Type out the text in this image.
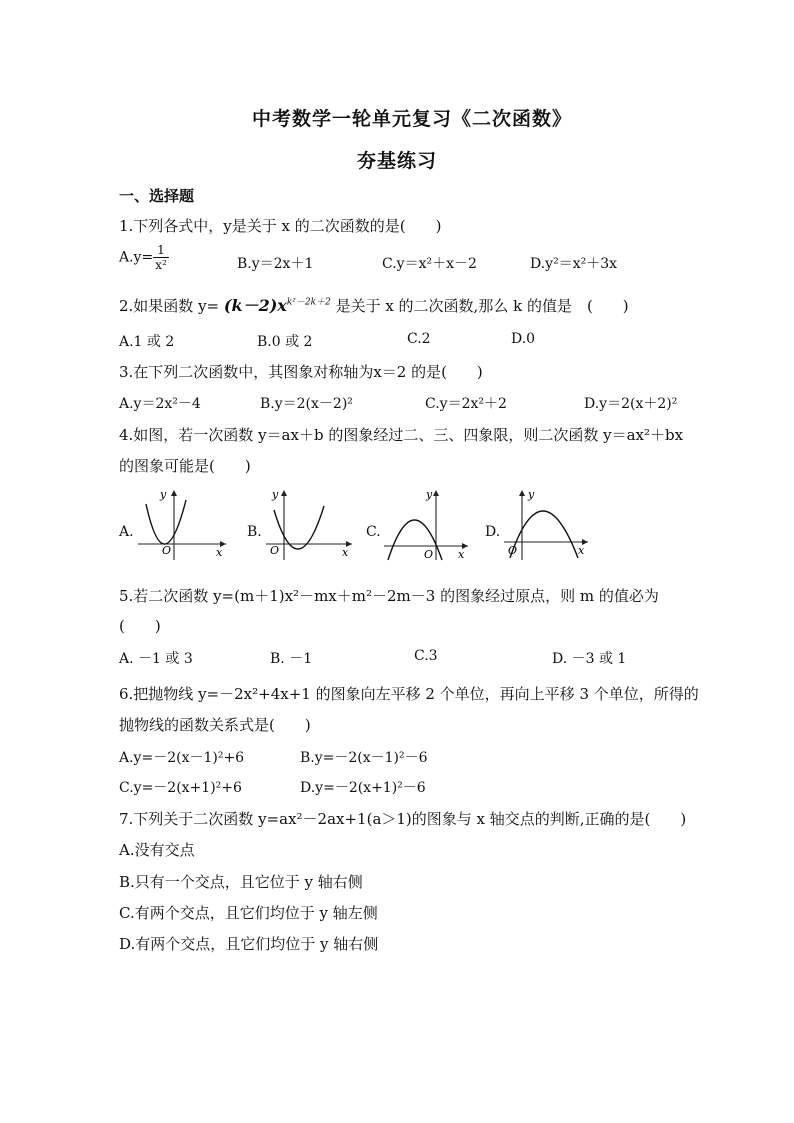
中考数学一轮单元复习《二次函数》
夯基练习
一、选择题
1.下列各式中，y是关于 x 的二次函数的是(　　)
$A.y= \frac{1}{\text{x²}}$	B.y＝2x＋1	C.y＝x²＋x－2	D.y²＝x²＋3x
2.如果函数 $y= (k-2)x^{k^2-2k+2}$ 是关于 x 的二次函数,那么 k 的值是　(　　)
A.1 或 2	B.0 或 2	C.2	D.0
3.在下列二次函数中，其图象对称轴为x＝2 的是(　　)
A.y＝2x²－4	B.y＝2(x－2)²	C.y＝2x²＋2	D.y＝2(x＋2)²
4.如图，若一次函数 y＝ax＋b 的图象经过二、三、四象限，则二次函数 y＝ax²＋bx
的图象可能是(　　)
A.
O	x
y
B.
O	x
y
C.
O x
y
D.
O	x
y
5.若二次函数 y=(m＋1)x²－mx＋m²－2m－3 的图象经过原点，则 m 的值必为
(　　)
A. －1 或 3	B. －1	C.3	D. －3 或 1
6.把抛物线 y=－2x²+4x+1 的图象向左平移 2 个单位，再向上平移 3 个单位，所得的
抛物线的函数关系式是(　　)
A.y=－2(x－1)²+6	B.y=－2(x－1)²－6
C.y=－2(x+1)²+6	D.y=－2(x+1)²－6
7.下列关于二次函数 y=ax²－2ax+1(a＞1)的图象与 x 轴交点的判断,正确的是(　　)
A.没有交点
B.只有一个交点，且它位于 y 轴右侧
C.有两个交点，且它们均位于 y 轴左侧
D.有两个交点，且它们均位于 y 轴右侧
